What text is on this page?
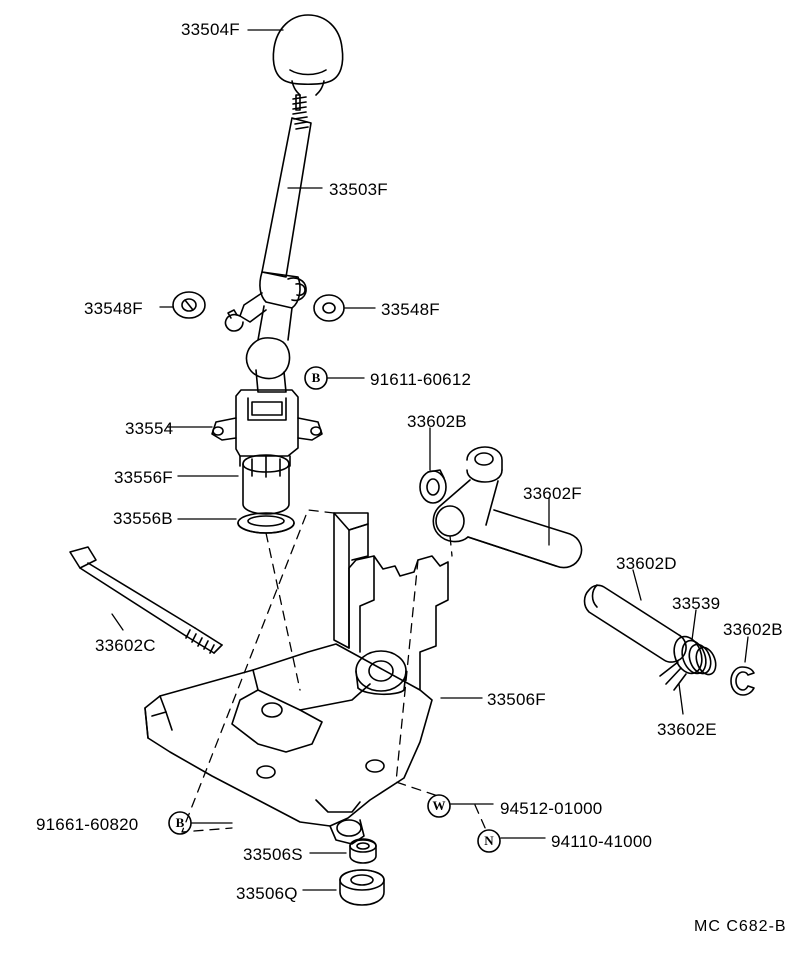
33504F
33503F
33548F	33548F
91611-60612
33554	33602B
33602F
33556F
33556B
33602D
33539
33602B
33602C
33506F
33602E
94512-01000
91661-60820
94110-41000
33506S
33506Q
B
B
W
N
MC C682-B
